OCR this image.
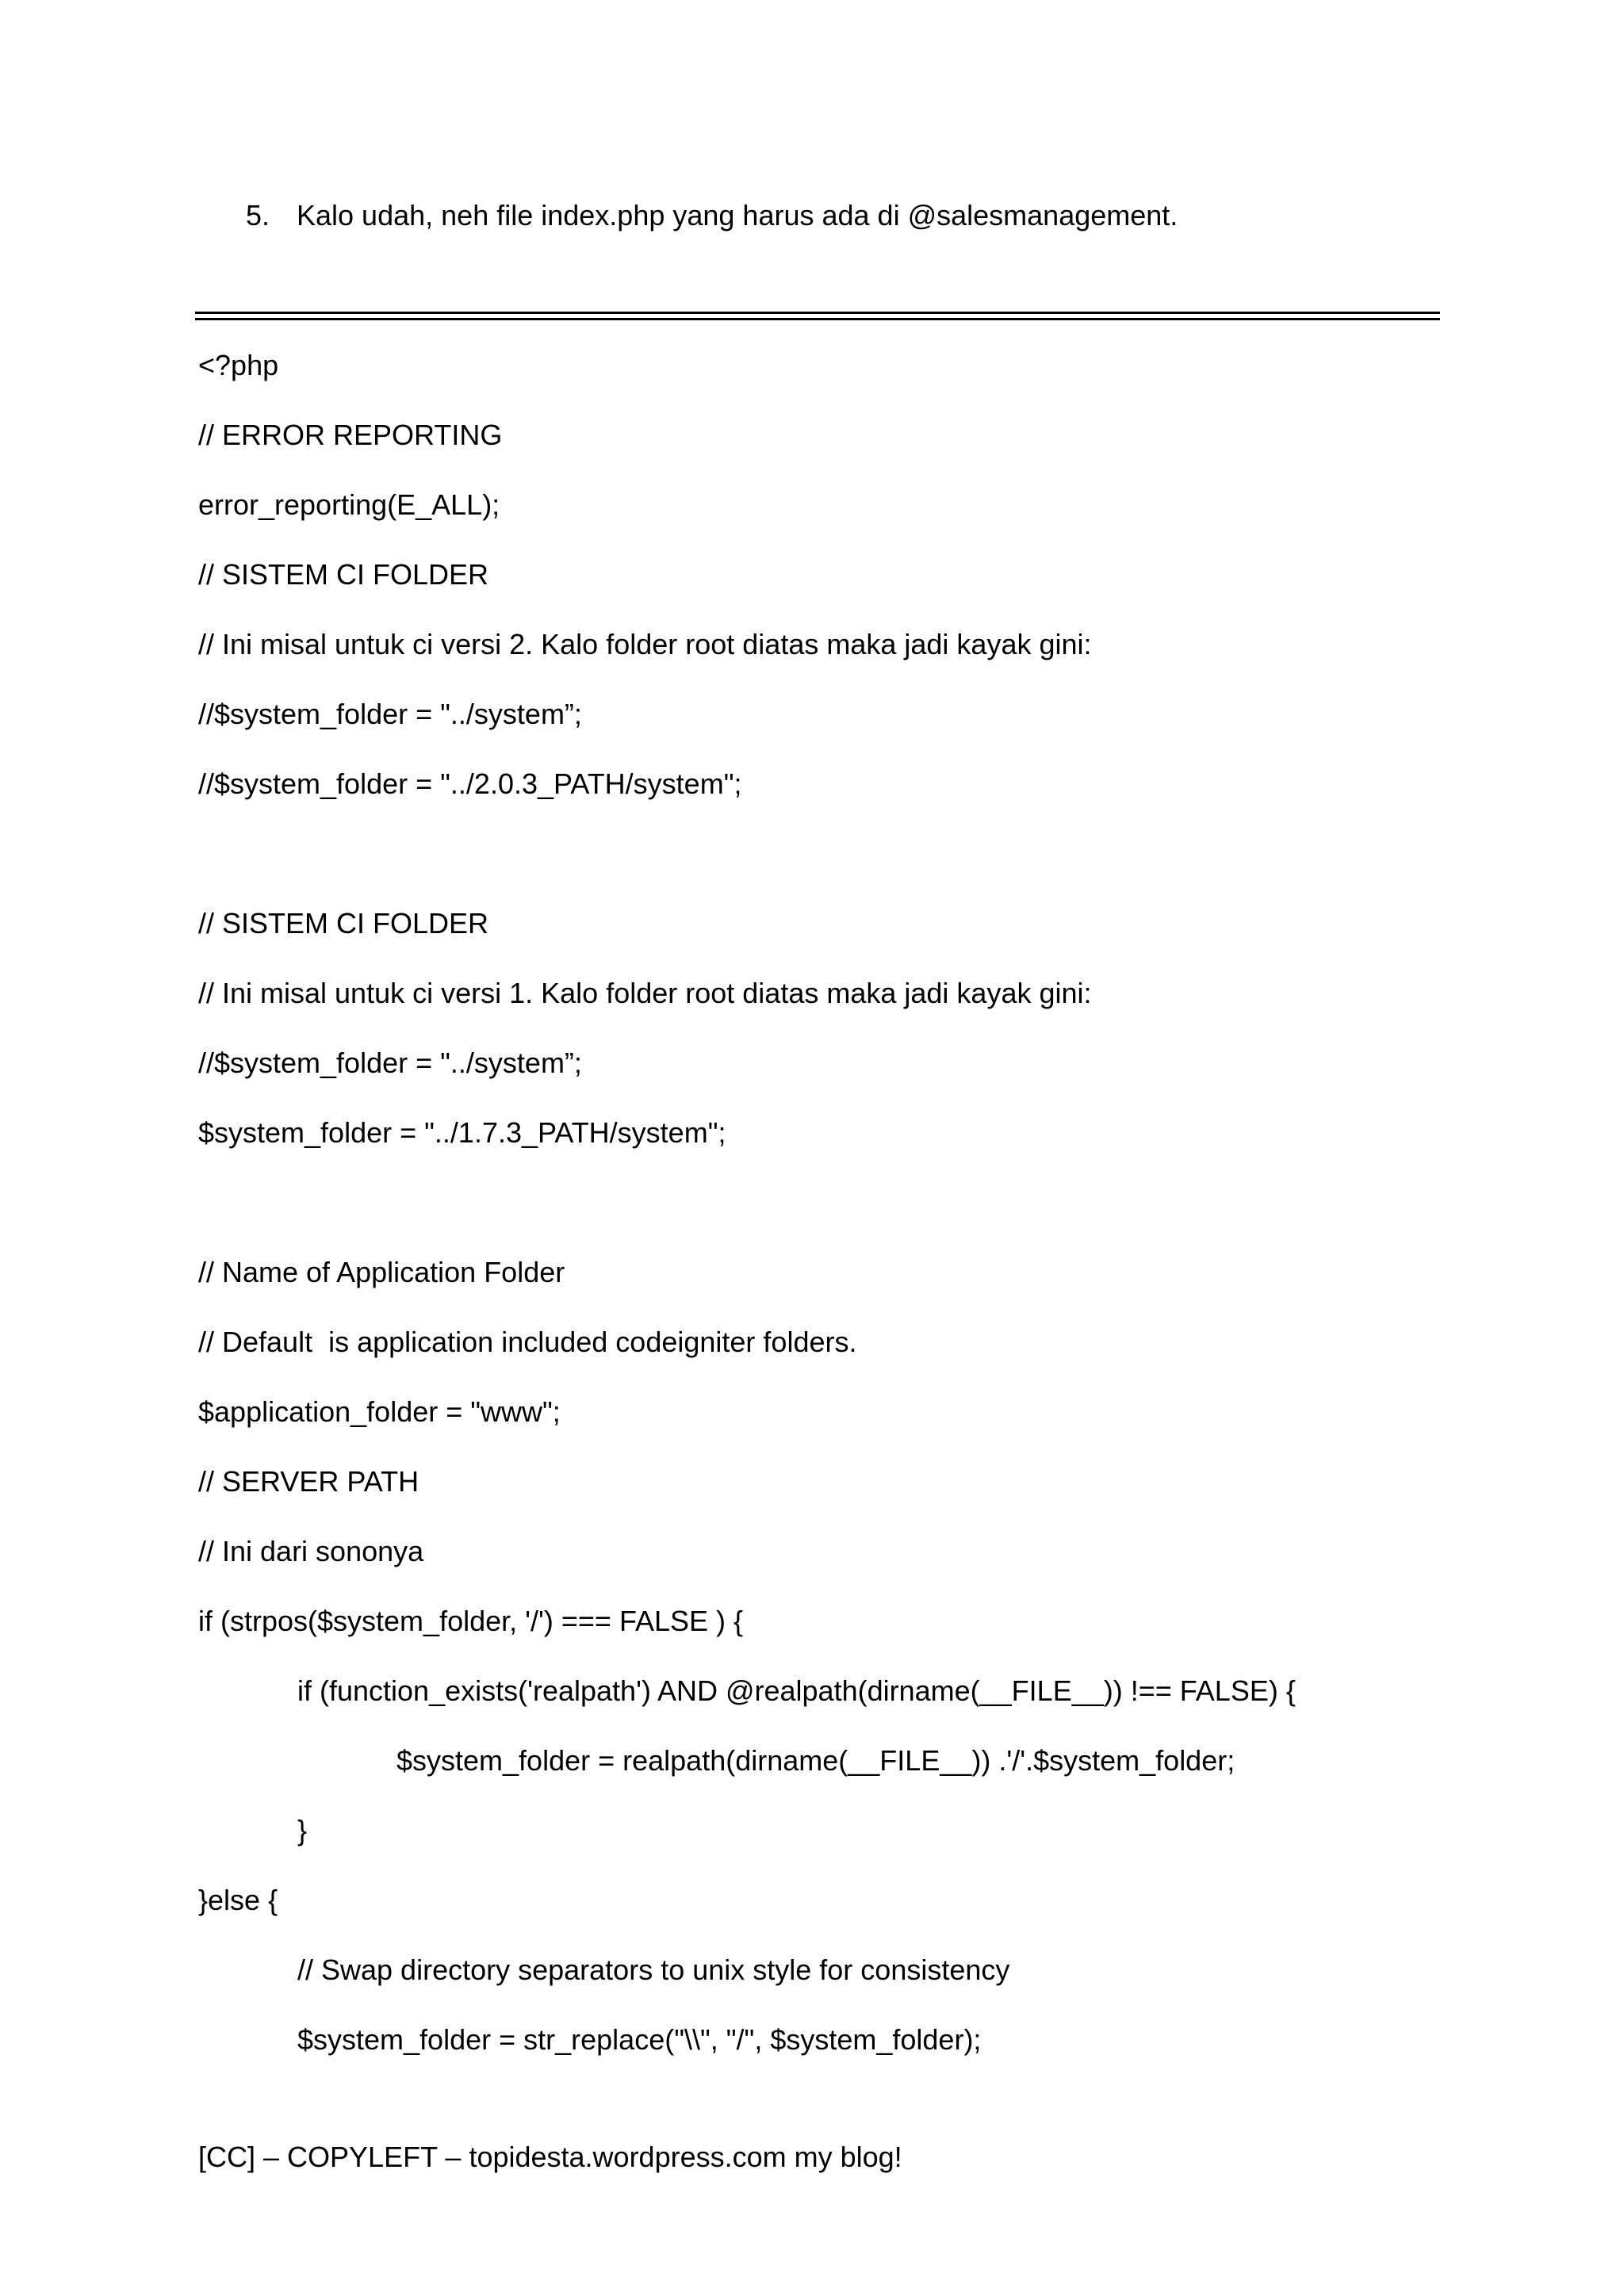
5. Kalo udah, neh file index.php yang harus ada di @salesmanagement.
<?php
// ERROR REPORTING
error_reporting(E_ALL);
// SISTEM CI FOLDER
// Ini misal untuk ci versi 2. Kalo folder root diatas maka jadi kayak gini:
//$system_folder = "../system”;
//$system_folder = "../2.0.3_PATH/system";
// SISTEM CI FOLDER
// Ini misal untuk ci versi 1. Kalo folder root diatas maka jadi kayak gini:
//$system_folder = "../system”;
$system_folder = "../1.7.3_PATH/system";
// Name of Application Folder
// Default  is application included codeigniter folders.
$application_folder = "www";
// SERVER PATH
// Ini dari sononya
if (strpos($system_folder, '/') === FALSE ) {
if (function_exists('realpath') AND @realpath(dirname(__FILE__)) !== FALSE) {
$system_folder = realpath(dirname(__FILE__)) .'/'.$system_folder;
}
}else {
// Swap directory separators to unix style for consistency
$system_folder = str_replace("\\", "/", $system_folder);
[CC] – COPYLEFT – topidesta.wordpress.com my blog!
